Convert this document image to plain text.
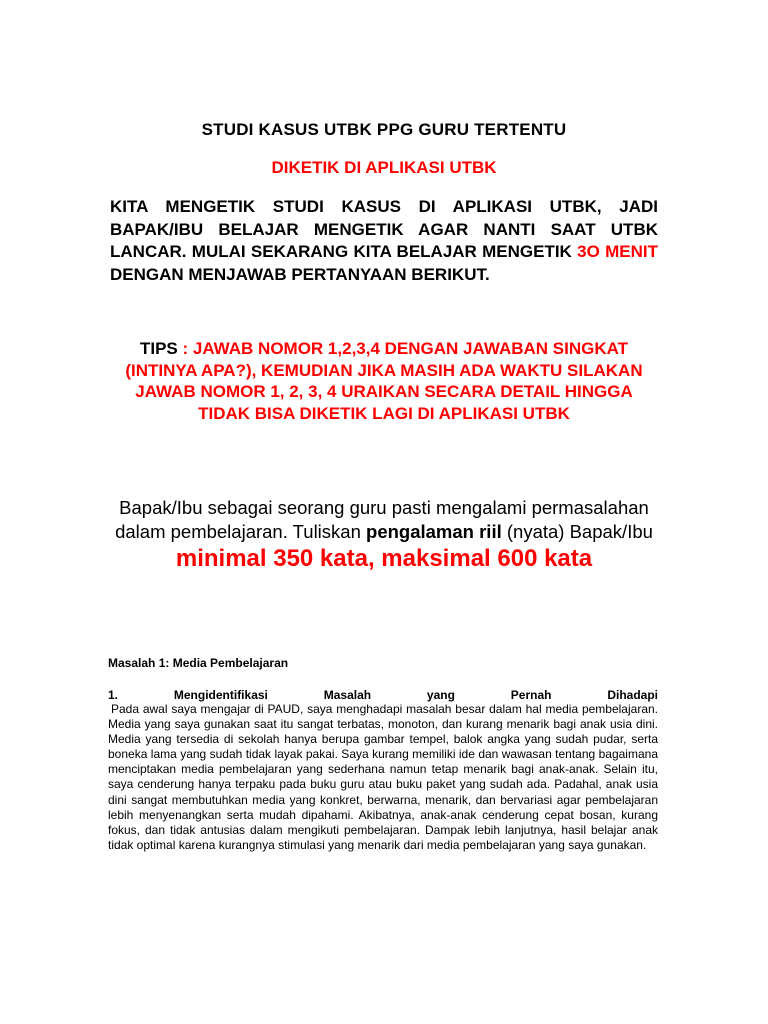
STUDI KASUS UTBK PPG GURU TERTENTU
DIKETIK DI APLIKASI UTBK
KITA MENGETIK STUDI KASUS DI APLIKASI UTBK, JADI BAPAK/IBU BELAJAR MENGETIK AGAR NANTI SAAT UTBK LANCAR. MULAI SEKARANG KITA BELAJAR MENGETIK 3O MENIT DENGAN MENJAWAB PERTANYAAN BERIKUT.
TIPS : JAWAB NOMOR 1,2,3,4 DENGAN JAWABAN SINGKAT (INTINYA APA?), KEMUDIAN JIKA MASIH ADA WAKTU SILAKAN JAWAB NOMOR 1, 2, 3, 4 URAIKAN SECARA DETAIL HINGGA TIDAK BISA DIKETIK LAGI DI APLIKASI UTBK
Bapak/Ibu sebagai seorang guru pasti mengalami permasalahan dalam pembelajaran. Tuliskan pengalaman riil (nyata) Bapak/Ibu minimal 350 kata, maksimal 600 kata
Masalah 1: Media Pembelajaran
1.	Mengidentifikasi	Masalah	yang	Pernah	Dihadapi
Pada awal saya mengajar di PAUD, saya menghadapi masalah besar dalam hal media pembelajaran. Media yang saya gunakan saat itu sangat terbatas, monoton, dan kurang menarik bagi anak usia dini. Media yang tersedia di sekolah hanya berupa gambar tempel, balok angka yang sudah pudar, serta boneka lama yang sudah tidak layak pakai. Saya kurang memiliki ide dan wawasan tentang bagaimana menciptakan media pembelajaran yang sederhana namun tetap menarik bagi anak-anak. Selain itu, saya cenderung hanya terpaku pada buku guru atau buku paket yang sudah ada. Padahal, anak usia dini sangat membutuhkan media yang konkret, berwarna, menarik, dan bervariasi agar pembelajaran lebih menyenangkan serta mudah dipahami. Akibatnya, anak-anak cenderung cepat bosan, kurang fokus, dan tidak antusias dalam mengikuti pembelajaran. Dampak lebih lanjutnya, hasil belajar anak tidak optimal karena kurangnya stimulasi yang menarik dari media pembelajaran yang saya gunakan.
